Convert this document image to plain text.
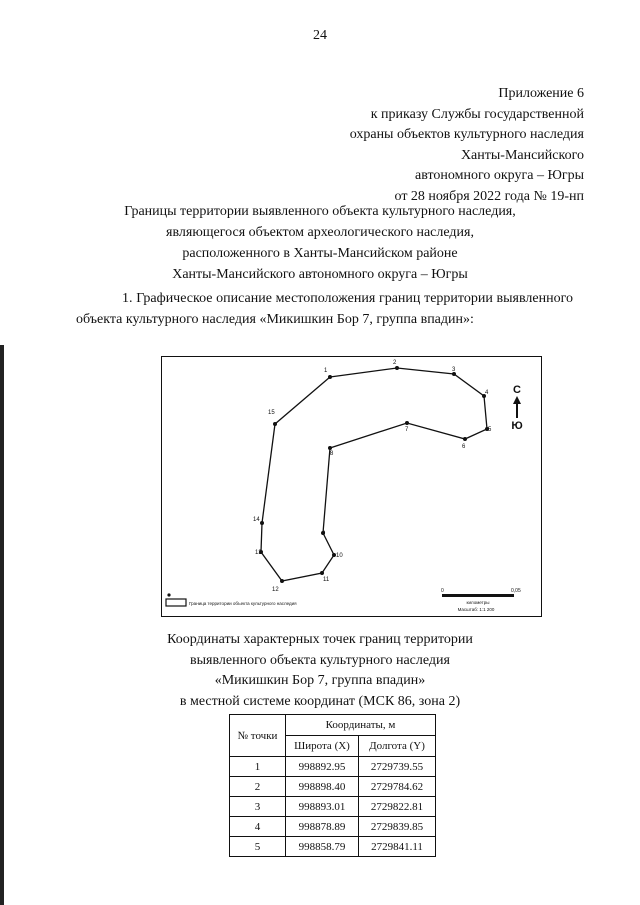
24
Приложение 6
к приказу Службы государственной
охраны объектов культурного наследия
Ханты-Мансийского
автономного округа – Югры
от 28 ноября 2022 года № 19-нп
Границы территории выявленного объекта культурного наследия,
являющегося объектом археологического наследия,
расположенного в Ханты-Мансийском районе
Ханты-Мансийского автономного округа – Югры
1. Графическое описание местоположения границ территории выявленного объекта культурного наследия «Микишкин Бор 7, группа впадин»:
1
2
3
4
5
6
7
8
9
10
11
12
13
14
15
С
Ю
Граница территории объекта культурного наследия
0	0,05
километры
Масштаб: 1:1 200
Координаты характерных точек границ территории
выявленного объекта культурного наследия
«Микишкин Бор 7, группа впадин»
в местной системе координат (МСК 86, зона 2)
№ точки	Координаты, м	
	Широта (X)	Долгота (Y)
1	998892.95	2729739.55
2	998898.40	2729784.62
3	998893.01	2729822.81
4	998878.89	2729839.85
5	998858.79	2729841.11
